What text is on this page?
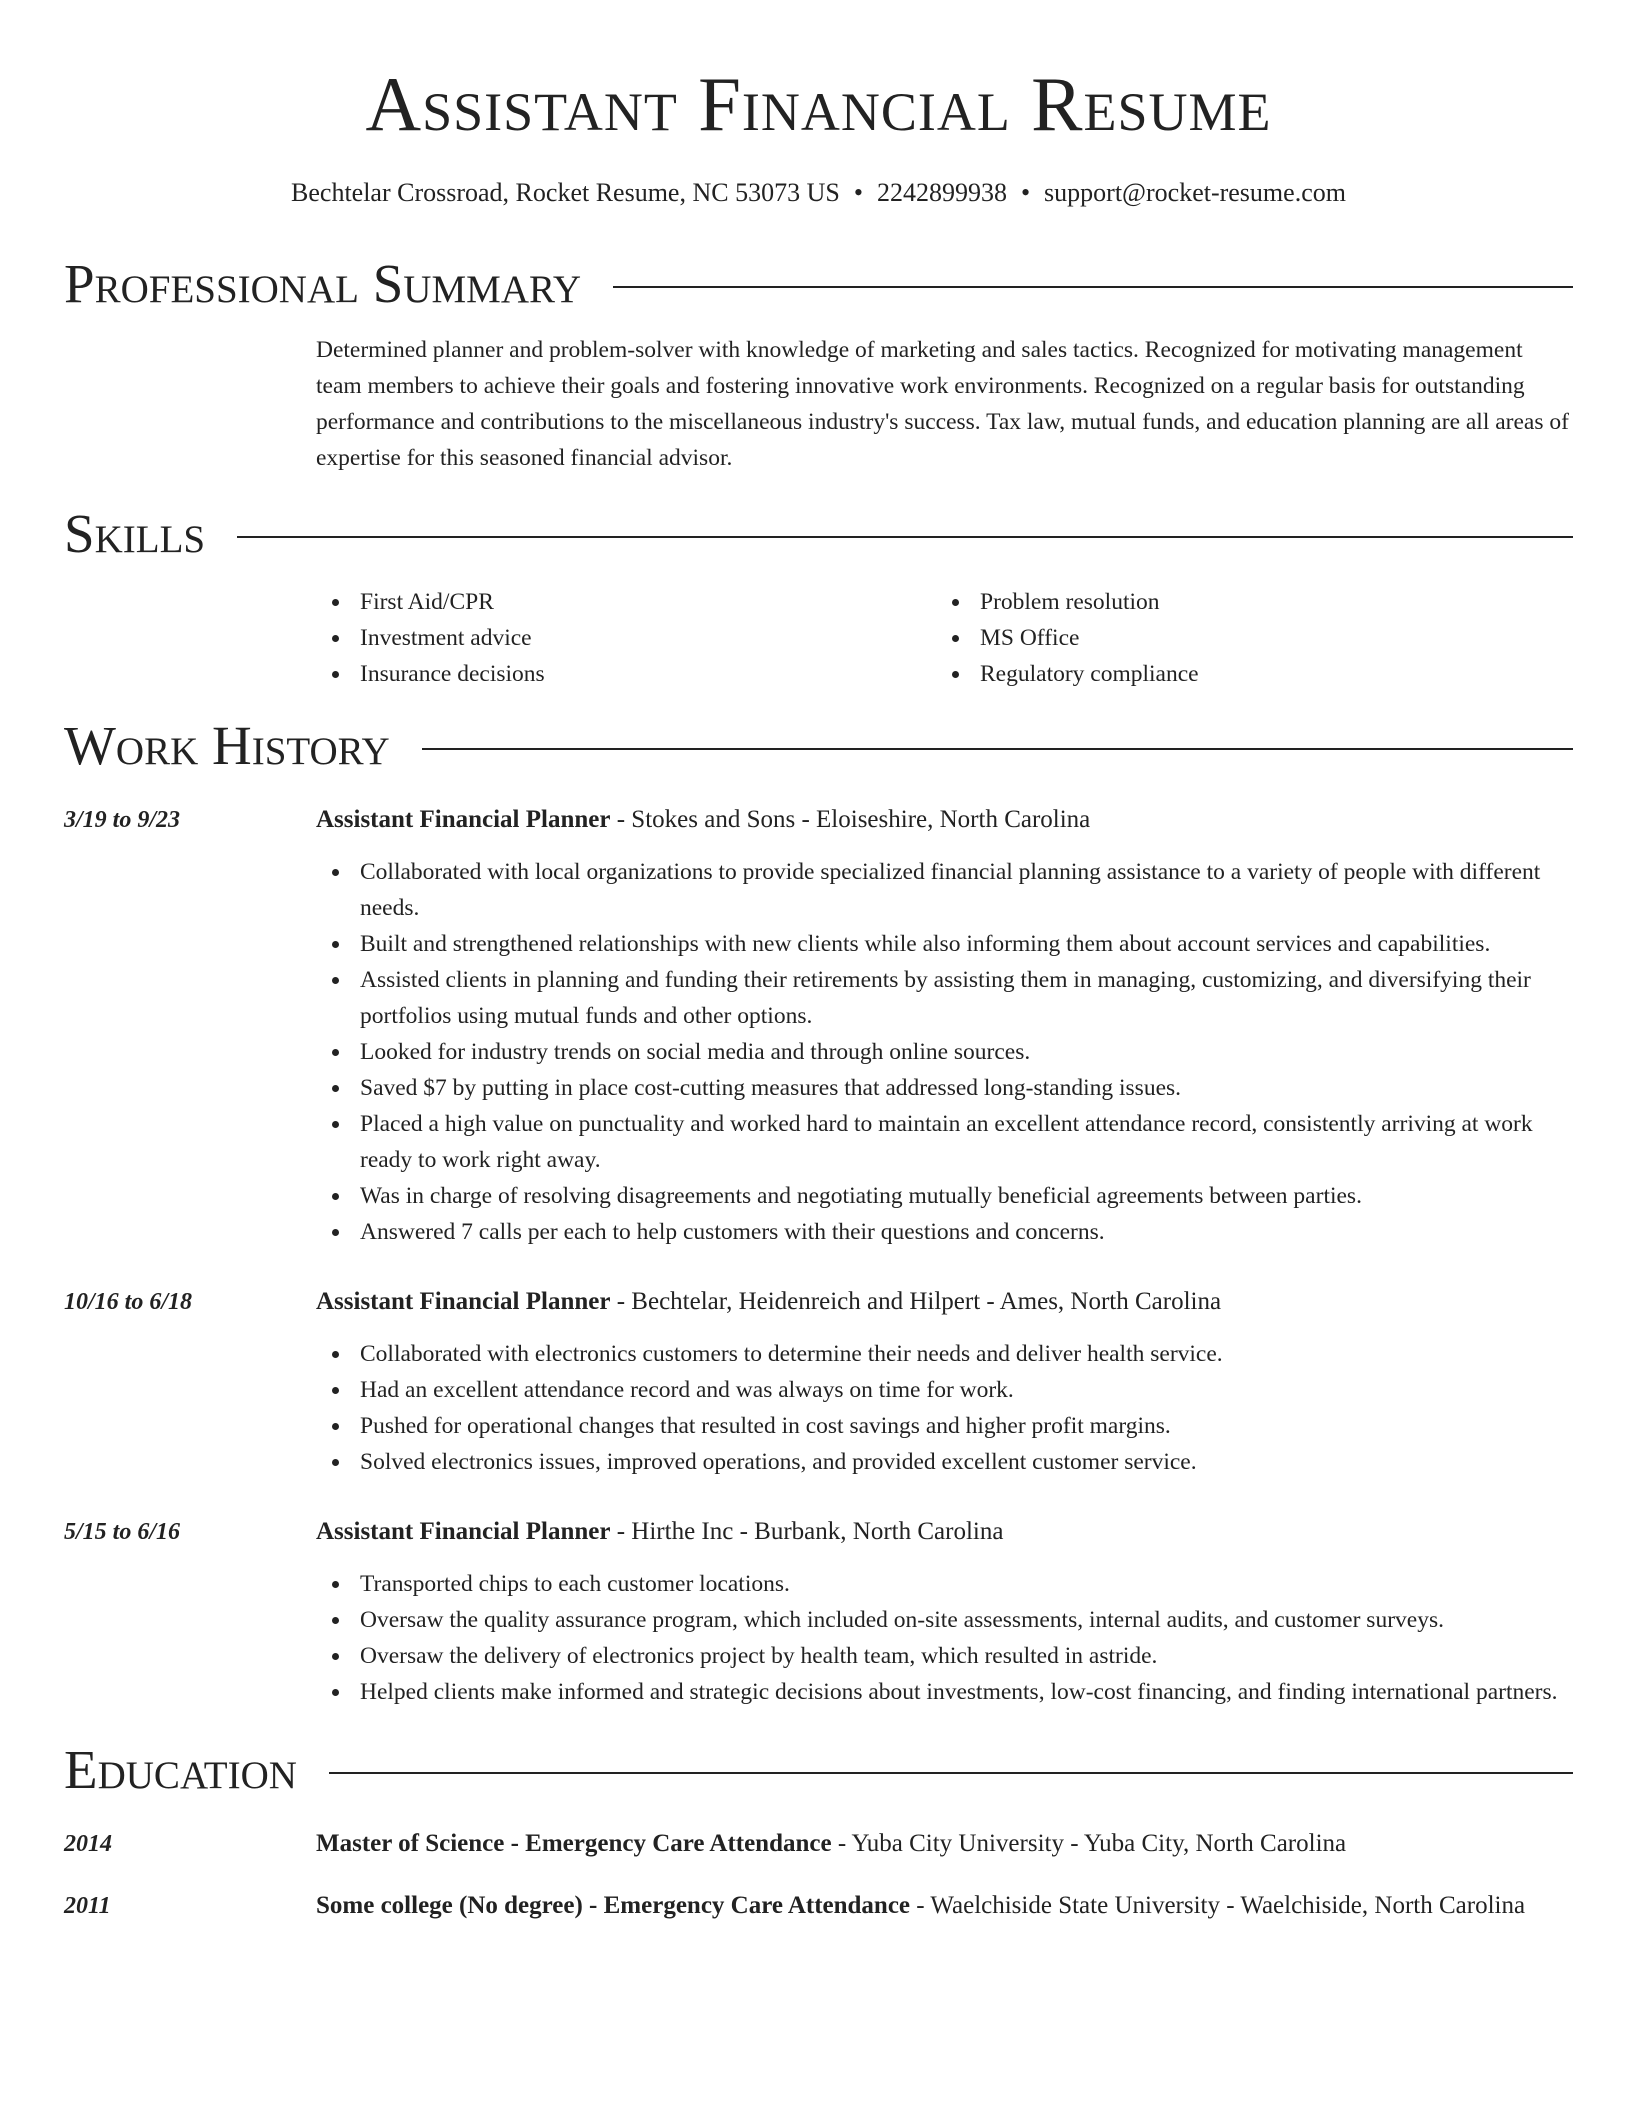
Assistant Financial Resume
Bechtelar Crossroad, Rocket Resume, NC 53073 US • 2242899938 • support@rocket-resume.com
Professional Summary
Determined planner and problem-solver with knowledge of marketing and sales tactics. Recognized for motivating management team members to achieve their goals and fostering innovative work environments. Recognized on a regular basis for outstanding performance and contributions to the miscellaneous industry's success. Tax law, mutual funds, and education planning are all areas of expertise for this seasoned financial advisor.
Skills
First Aid/CPR
Investment advice
Insurance decisions
Problem resolution
MS Office
Regulatory compliance
Work History
3/19 to 9/23	Assistant Financial Planner - Stokes and Sons - Eloiseshire, North Carolina
Collaborated with local organizations to provide specialized financial planning assistance to a variety of people with different needs.
Built and strengthened relationships with new clients while also informing them about account services and capabilities.
Assisted clients in planning and funding their retirements by assisting them in managing, customizing, and diversifying their portfolios using mutual funds and other options.
Looked for industry trends on social media and through online sources.
Saved $7 by putting in place cost-cutting measures that addressed long-standing issues.
Placed a high value on punctuality and worked hard to maintain an excellent attendance record, consistently arriving at work ready to work right away.
Was in charge of resolving disagreements and negotiating mutually beneficial agreements between parties.
Answered 7 calls per each to help customers with their questions and concerns.
10/16 to 6/18	Assistant Financial Planner - Bechtelar, Heidenreich and Hilpert - Ames, North Carolina
Collaborated with electronics customers to determine their needs and deliver health service.
Had an excellent attendance record and was always on time for work.
Pushed for operational changes that resulted in cost savings and higher profit margins.
Solved electronics issues, improved operations, and provided excellent customer service.
5/15 to 6/16	Assistant Financial Planner - Hirthe Inc - Burbank, North Carolina
Transported chips to each customer locations.
Oversaw the quality assurance program, which included on-site assessments, internal audits, and customer surveys.
Oversaw the delivery of electronics project by health team, which resulted in astride.
Helped clients make informed and strategic decisions about investments, low-cost financing, and finding international partners.
Education
2014	Master of Science - Emergency Care Attendance - Yuba City University - Yuba City, North Carolina
2011	Some college (No degree) - Emergency Care Attendance - Waelchiside State University - Waelchiside, North Carolina
